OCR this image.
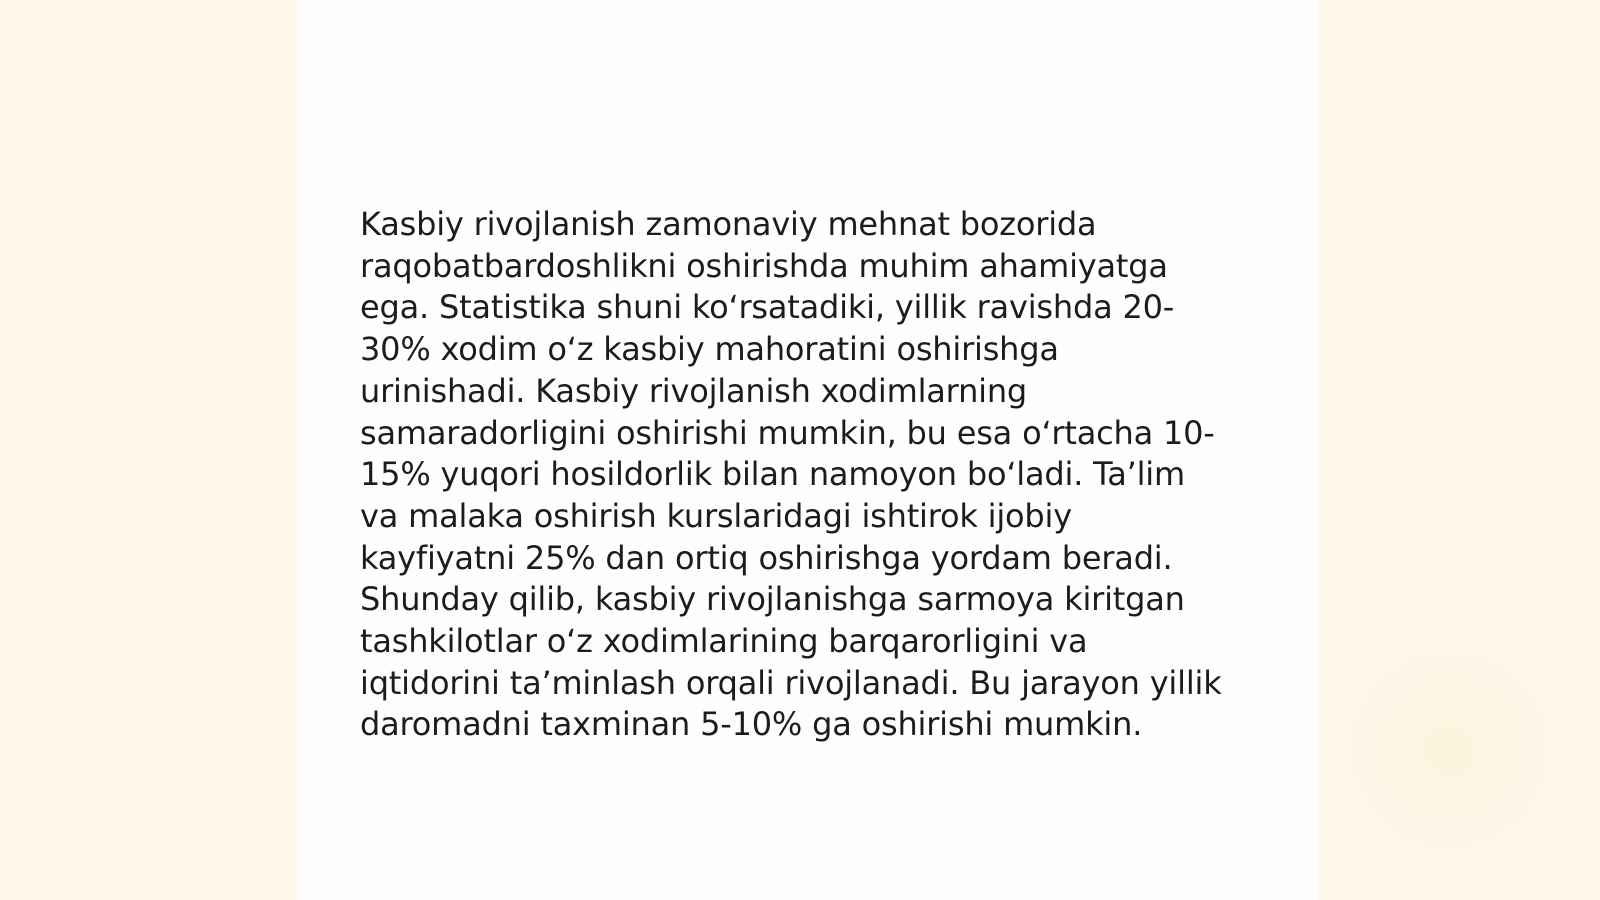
Kasbiy rivojlanish zamonaviy mehnat bozorida
raqobatbardoshlikni oshirishda muhim ahamiyatga
ega. Statistika shuni koʻrsatadiki, yillik ravishda 20-
30% xodim oʻz kasbiy mahoratini oshirishga
urinishadi. Kasbiy rivojlanish xodimlarning
samaradorligini oshirishi mumkin, bu esa oʻrtacha 10-
15% yuqori hosildorlik bilan namoyon boʻladi. Taʼlim
va malaka oshirish kurslaridagi ishtirok ijobiy
kayfiyatni 25% dan ortiq oshirishga yordam beradi.
Shunday qilib, kasbiy rivojlanishga sarmoya kiritgan
tashkilotlar oʻz xodimlarining barqarorligini va
iqtidorini taʼminlash orqali rivojlanadi. Bu jarayon yillik
daromadni taxminan 5-10% ga oshirishi mumkin.
